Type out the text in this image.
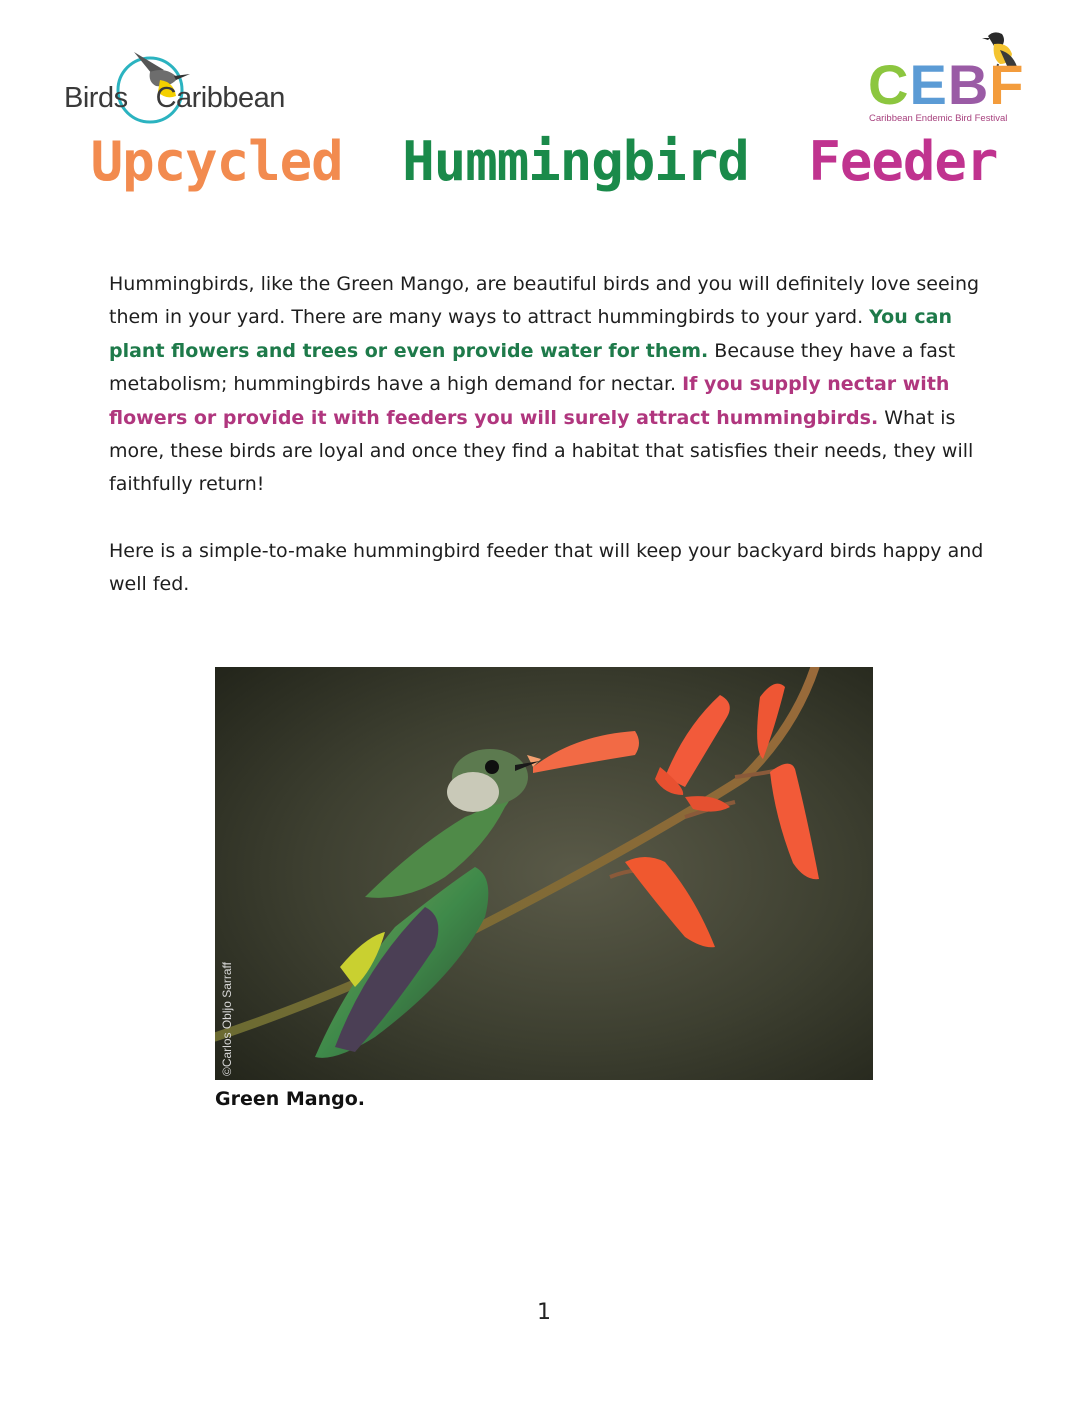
Birds Caribbean	CEBF
Caribbean Endemic Bird Festival
Upcycled Hummingbird Feeder
Hummingbirds, like the Green Mango, are beautiful birds and you will definitely love seeing them in your yard. There are many ways to attract hummingbirds to your yard. You can plant flowers and trees or even provide water for them. Because they have a fast metabolism; hummingbirds have a high demand for nectar. If you supply nectar with flowers or provide it with feeders you will surely attract hummingbirds. What is more, these birds are loyal and once they find a habitat that satisfies their needs, they will faithfully return!
Here is a simple-to-make hummingbird feeder that will keep your backyard birds happy and well fed.
©Carlos Obljo Sarraff
Green Mango.
1
